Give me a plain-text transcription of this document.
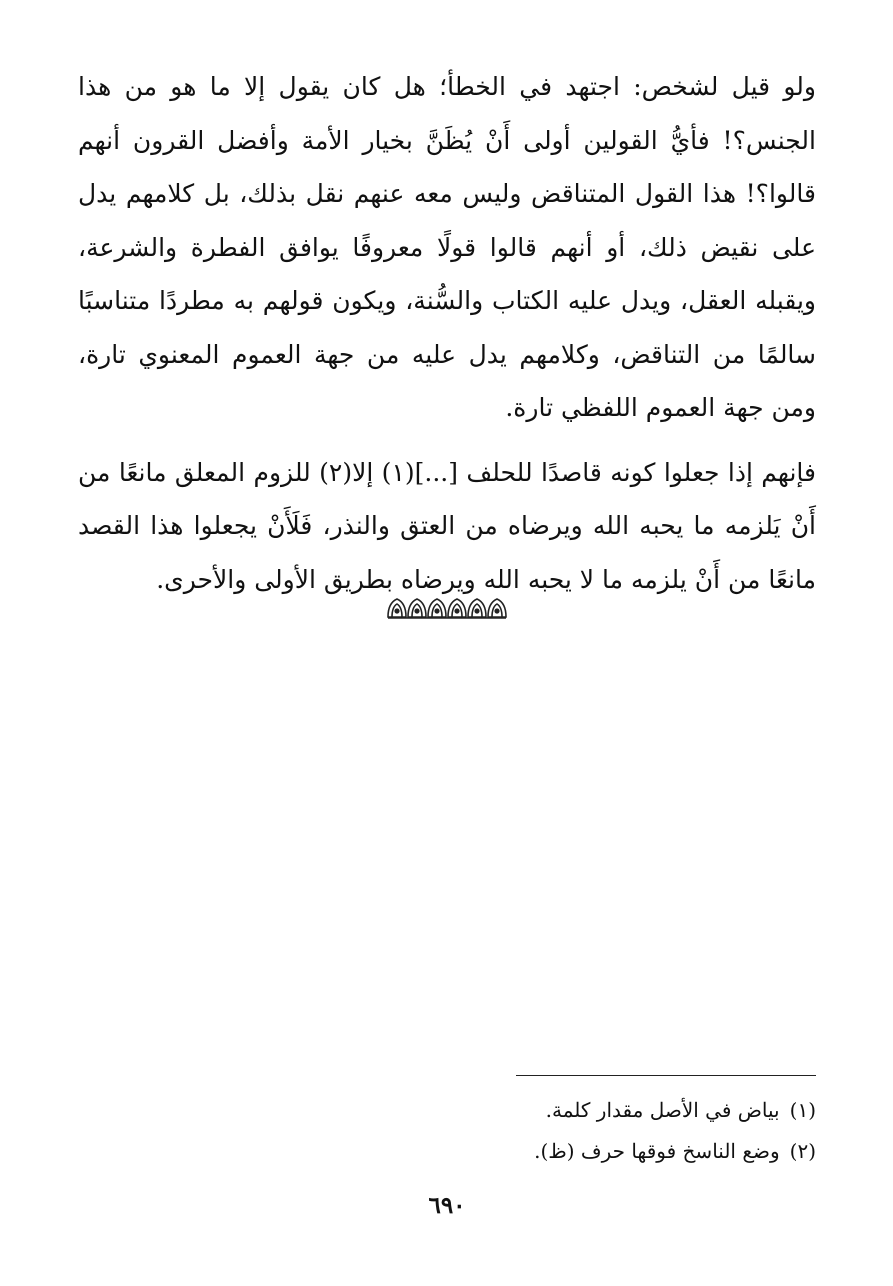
ولو قيل لشخص: اجتهد في الخطأ؛ هل كان يقول إلا ما هو من هذا الجنس؟! فأيُّ القولين أولى أَنْ يُظَنَّ بخيار الأمة وأفضل القرون أنهم قالوا؟! هذا القول المتناقض وليس معه عنهم نقل بذلك، بل كلامهم يدل على نقيض ذلك، أو أنهم قالوا قولًا معروفًا يوافق الفطرة والشرعة، ويقبله العقل، ويدل عليه الكتاب والسُّنة، ويكون قولهم به مطردًا متناسبًا سالمًا من التناقض، وكلامهم يدل عليه من جهة العموم المعنوي تارة، ومن جهة العموم اللفظي تارة.

فإنهم إذا جعلوا كونه قاصدًا للحلف [...](١) إلا(٢) للزوم المعلق مانعًا من أَنْ يَلزمه ما يحبه الله ويرضاه من العتق والنذر، فَلَأَنْ يجعلوا هذا القصد مانعًا من أَنْ يلزمه ما لا يحبه الله ويرضاه بطريق الأولى والأحرى.

(١)
بياض في الأصل مقدار كلمة.
(٢)
وضع الناسخ فوقها حرف (ظ).
٦٩٠
